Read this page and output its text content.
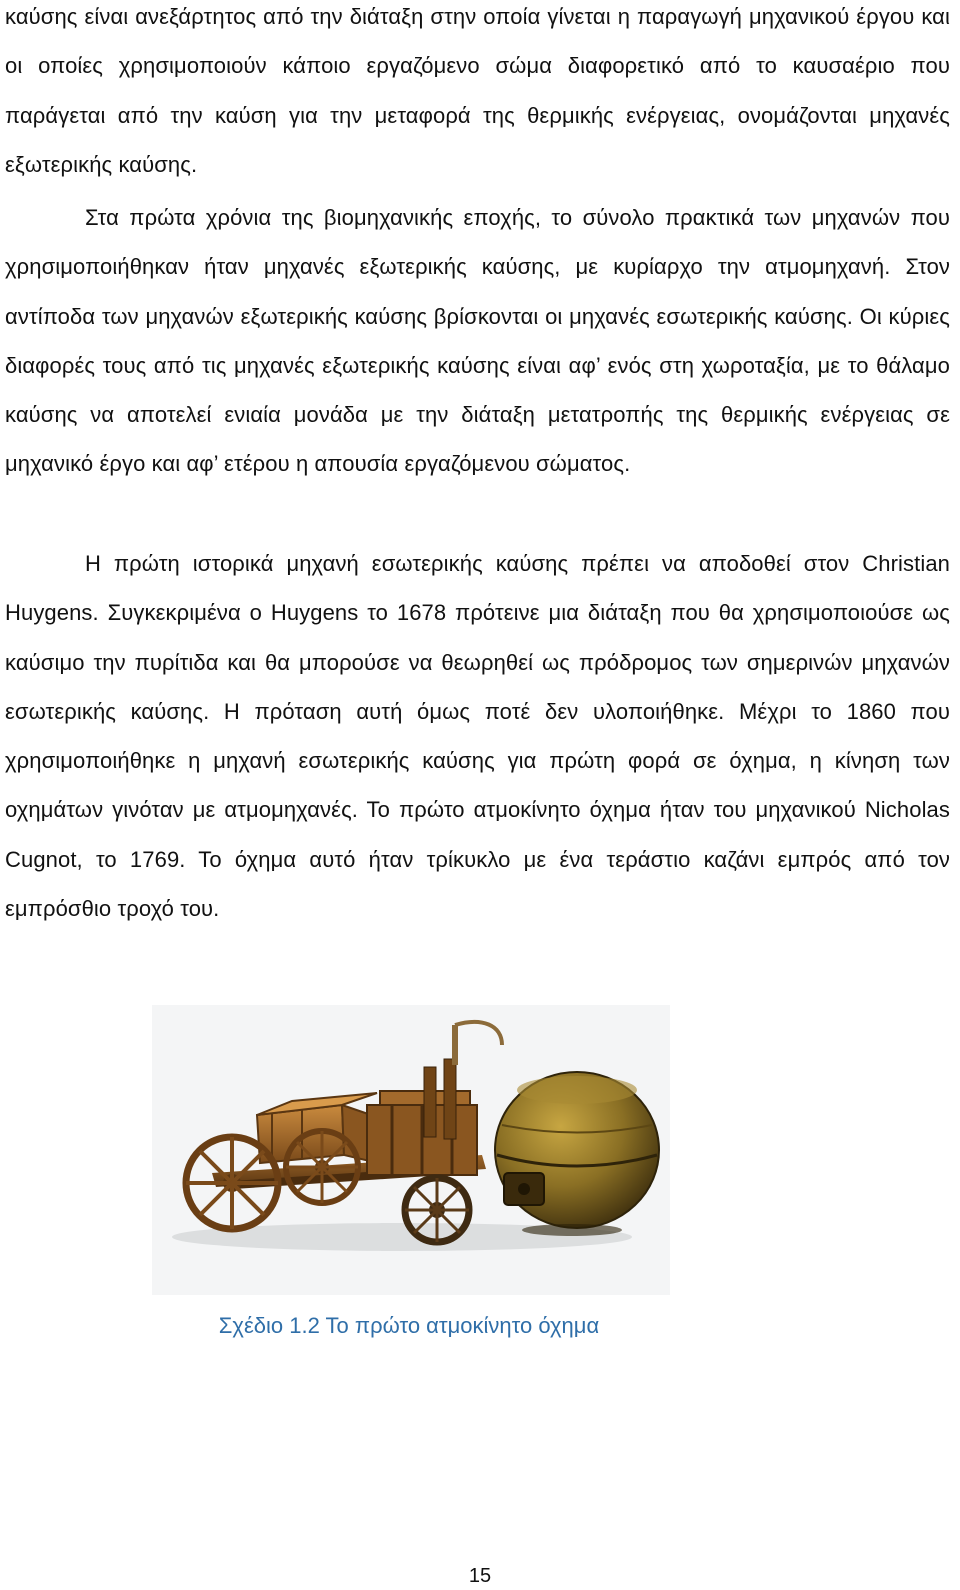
καύσης είναι ανεξάρτητος από την διάταξη στην οποία γίνεται η παραγωγή μηχανικού έργου και οι οποίες χρησιμοποιούν κάποιο εργαζόμενο σώμα διαφορετικό από το καυσαέριο που παράγεται από την καύση για την μεταφορά της θερμικής ενέργειας, ονομάζονται μηχανές εξωτερικής καύσης.

Στα πρώτα χρόνια της βιομηχανικής εποχής, το σύνολο πρακτικά των μηχανών που χρησιμοποιήθηκαν ήταν μηχανές εξωτερικής καύσης, με κυρίαρχο την ατμομηχανή. Στον αντίποδα των μηχανών εξωτερικής καύσης βρίσκονται οι μηχανές εσωτερικής καύσης. Οι κύριες διαφορές τους από τις μηχανές εξωτερικής καύσης είναι αφ’ ενός στη χωροταξία, με το θάλαμο καύσης να αποτελεί ενιαία μονάδα με την διάταξη μετατροπής της θερμικής ενέργειας σε μηχανικό έργο και αφ’ ετέρου η απουσία εργαζόμενου σώματος.

Η πρώτη ιστορικά μηχανή εσωτερικής καύσης πρέπει να αποδοθεί στον Christian Huygens. Συγκεκριμένα ο Huygens το 1678 πρότεινε μια διάταξη που θα χρησιμοποιούσε ως καύσιμο την πυρίτιδα και θα μπορούσε να θεωρηθεί ως πρόδρομος των σημερινών μηχανών εσωτερικής καύσης. Η πρόταση αυτή όμως ποτέ δεν υλοποιήθηκε. Μέχρι το 1860 που χρησιμοποιήθηκε η μηχανή εσωτερικής καύσης για πρώτη φορά σε όχημα, η κίνηση των οχημάτων γινόταν με ατμομηχανές. Το πρώτο ατμοκίνητο όχημα ήταν του μηχανικού Nicholas Cugnot, το 1769. Το όχημα αυτό ήταν τρίκυκλο με ένα τεράστιο καζάνι εμπρός από τον εμπρόσθιο τροχό του.

Σχέδιο 1.2 Το πρώτο ατμοκίνητο όχημα
15
